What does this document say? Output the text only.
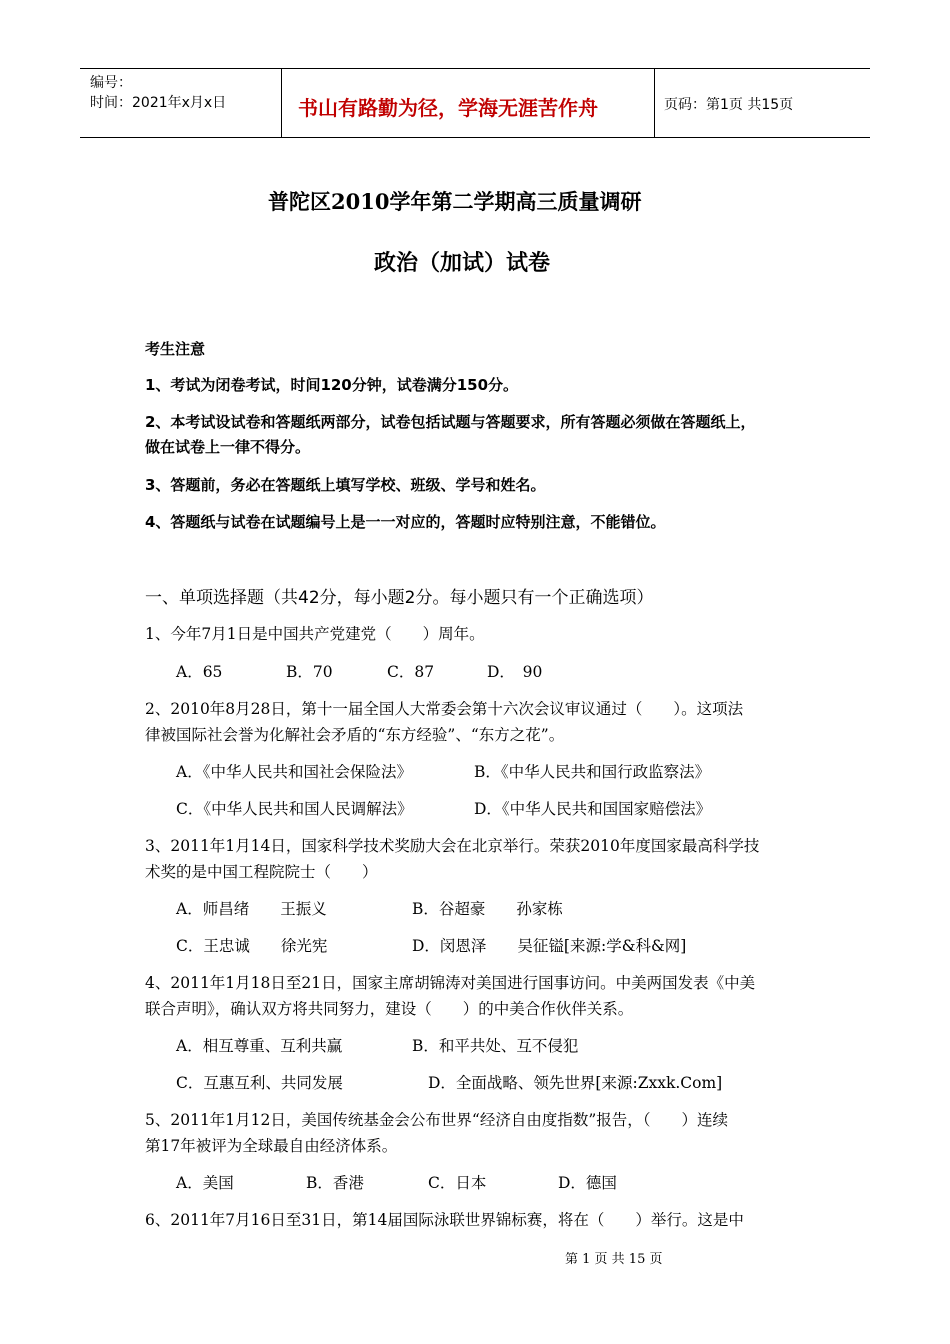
编号：
时间：2021年x月x日	书山有路勤为径，学海无涯苦作舟	页码：第1页 共15页
普陀区2010学年第二学期高三质量调研
政治（加试）试卷
考生注意
1、考试为闭卷考试，时间120分钟，试卷满分150分。
2、本考试设试卷和答题纸两部分，试卷包括试题与答题要求，所有答题必须做在答题纸上，
做在试卷上一律不得分。
3、答题前，务必在答题纸上填写学校、班级、学号和姓名。
4、答题纸与试卷在试题编号上是一一对应的，答题时应特别注意，不能错位。
一、单项选择题（共42分，每小题2分。每小题只有一个正确选项）
1、今年7月1日是中国共产党建党（　　）周年。
A．65	B．70	C．87	D．　90
2、2010年8月28日，第十一届全国人大常委会第十六次会议审议通过（　　）。这项法
律被国际社会誉为化解社会矛盾的“东方经验”、“东方之花”。
A．《中华人民共和国社会保险法》	B．《中华人民共和国行政监察法》
C．《中华人民共和国人民调解法》	D．《中华人民共和国国家赔偿法》
3、2011年1月14日，国家科学技术奖励大会在北京举行。荣获2010年度国家最高科学技
术奖的是中国工程院院士（　　）
A．师昌绪　　王振义	B．谷超豪　　孙家栋
C．王忠诚　　徐光宪	D．闵恩泽　　吴征镒[来源:学&科&网]
4、2011年1月18日至21日，国家主席胡锦涛对美国进行国事访问。中美两国发表《中美
联合声明》，确认双方将共同努力，建设（　　）的中美合作伙伴关系。
A．相互尊重、互利共赢	B．和平共处、互不侵犯
C．互惠互利、共同发展	D．全面战略、领先世界[来源:Zxxk.Com]
5、2011年1月12日，美国传统基金会公布世界“经济自由度指数”报告，（　　）连续
第17年被评为全球最自由经济体系。
A．美国	B．香港	C．日本	D．德国
6、2011年7月16日至31日，第14届国际泳联世界锦标赛，将在（　　）举行。这是中
第 1 页 共 15 页
